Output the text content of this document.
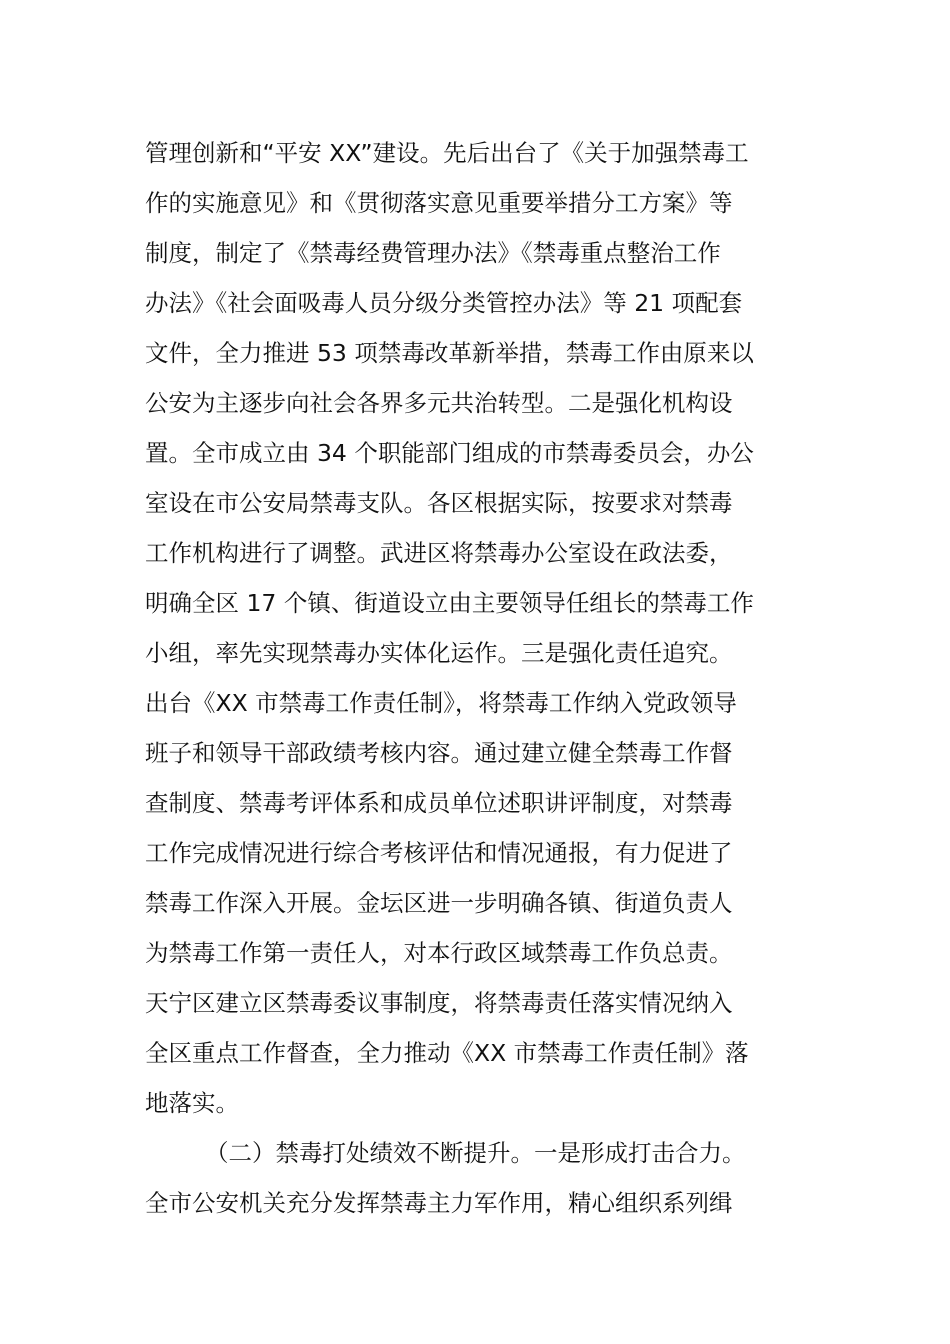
管理创新和“平安 XX”建设。先后出台了《关于加强禁毒工
作的实施意见》和《贯彻落实意见重要举措分工方案》等
制度，制定了《禁毒经费管理办法》《禁毒重点整治工作
办法》《社会面吸毒人员分级分类管控办法》等 21 项配套
文件，全力推进 53 项禁毒改革新举措，禁毒工作由原来以
公安为主逐步向社会各界多元共治转型。二是强化机构设
置。全市成立由 34 个职能部门组成的市禁毒委员会，办公
室设在市公安局禁毒支队。各区根据实际，按要求对禁毒
工作机构进行了调整。武进区将禁毒办公室设在政法委，
明确全区 17 个镇、街道设立由主要领导任组长的禁毒工作
小组，率先实现禁毒办实体化运作。三是强化责任追究。
出台《XX 市禁毒工作责任制》，将禁毒工作纳入党政领导
班子和领导干部政绩考核内容。通过建立健全禁毒工作督
查制度、禁毒考评体系和成员单位述职讲评制度，对禁毒
工作完成情况进行综合考核评估和情况通报，有力促进了
禁毒工作深入开展。金坛区进一步明确各镇、街道负责人
为禁毒工作第一责任人，对本行政区域禁毒工作负总责。
天宁区建立区禁毒委议事制度，将禁毒责任落实情况纳入
全区重点工作督查，全力推动《XX 市禁毒工作责任制》落
地落实。
（二）禁毒打处绩效不断提升。一是形成打击合力。
全市公安机关充分发挥禁毒主力军作用，精心组织系列缉
